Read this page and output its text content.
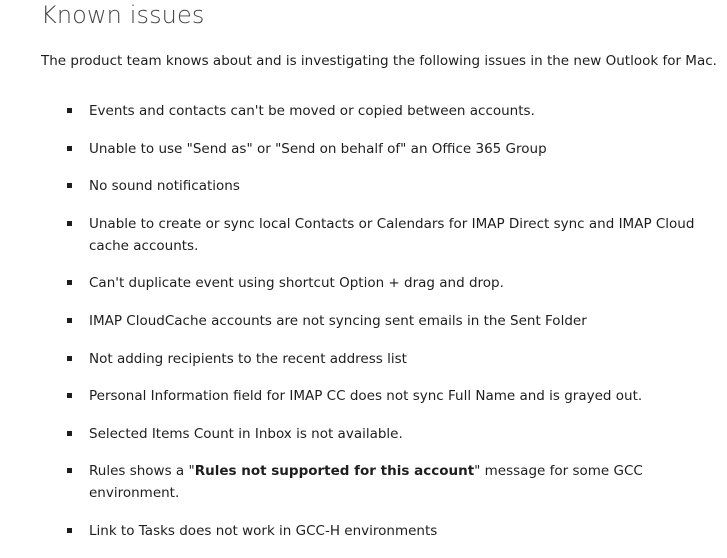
Known issues

The product team knows about and is investigating the following issues in the new Outlook for Mac.

Events and contacts can't be moved or copied between accounts.
Unable to use "Send as" or "Send on behalf of" an Office 365 Group
No sound notifications
Unable to create or sync local Contacts or Calendars for IMAP Direct sync and IMAP Cloud cache accounts.
Can't duplicate event using shortcut Option + drag and drop.
IMAP CloudCache accounts are not syncing sent emails in the Sent Folder
Not adding recipients to the recent address list
Personal Information field for IMAP CC does not sync Full Name and is grayed out.
Selected Items Count in Inbox is not available.
Rules shows a "Rules not supported for this account" message for some GCC environment.
Link to Tasks does not work in GCC-H environments
